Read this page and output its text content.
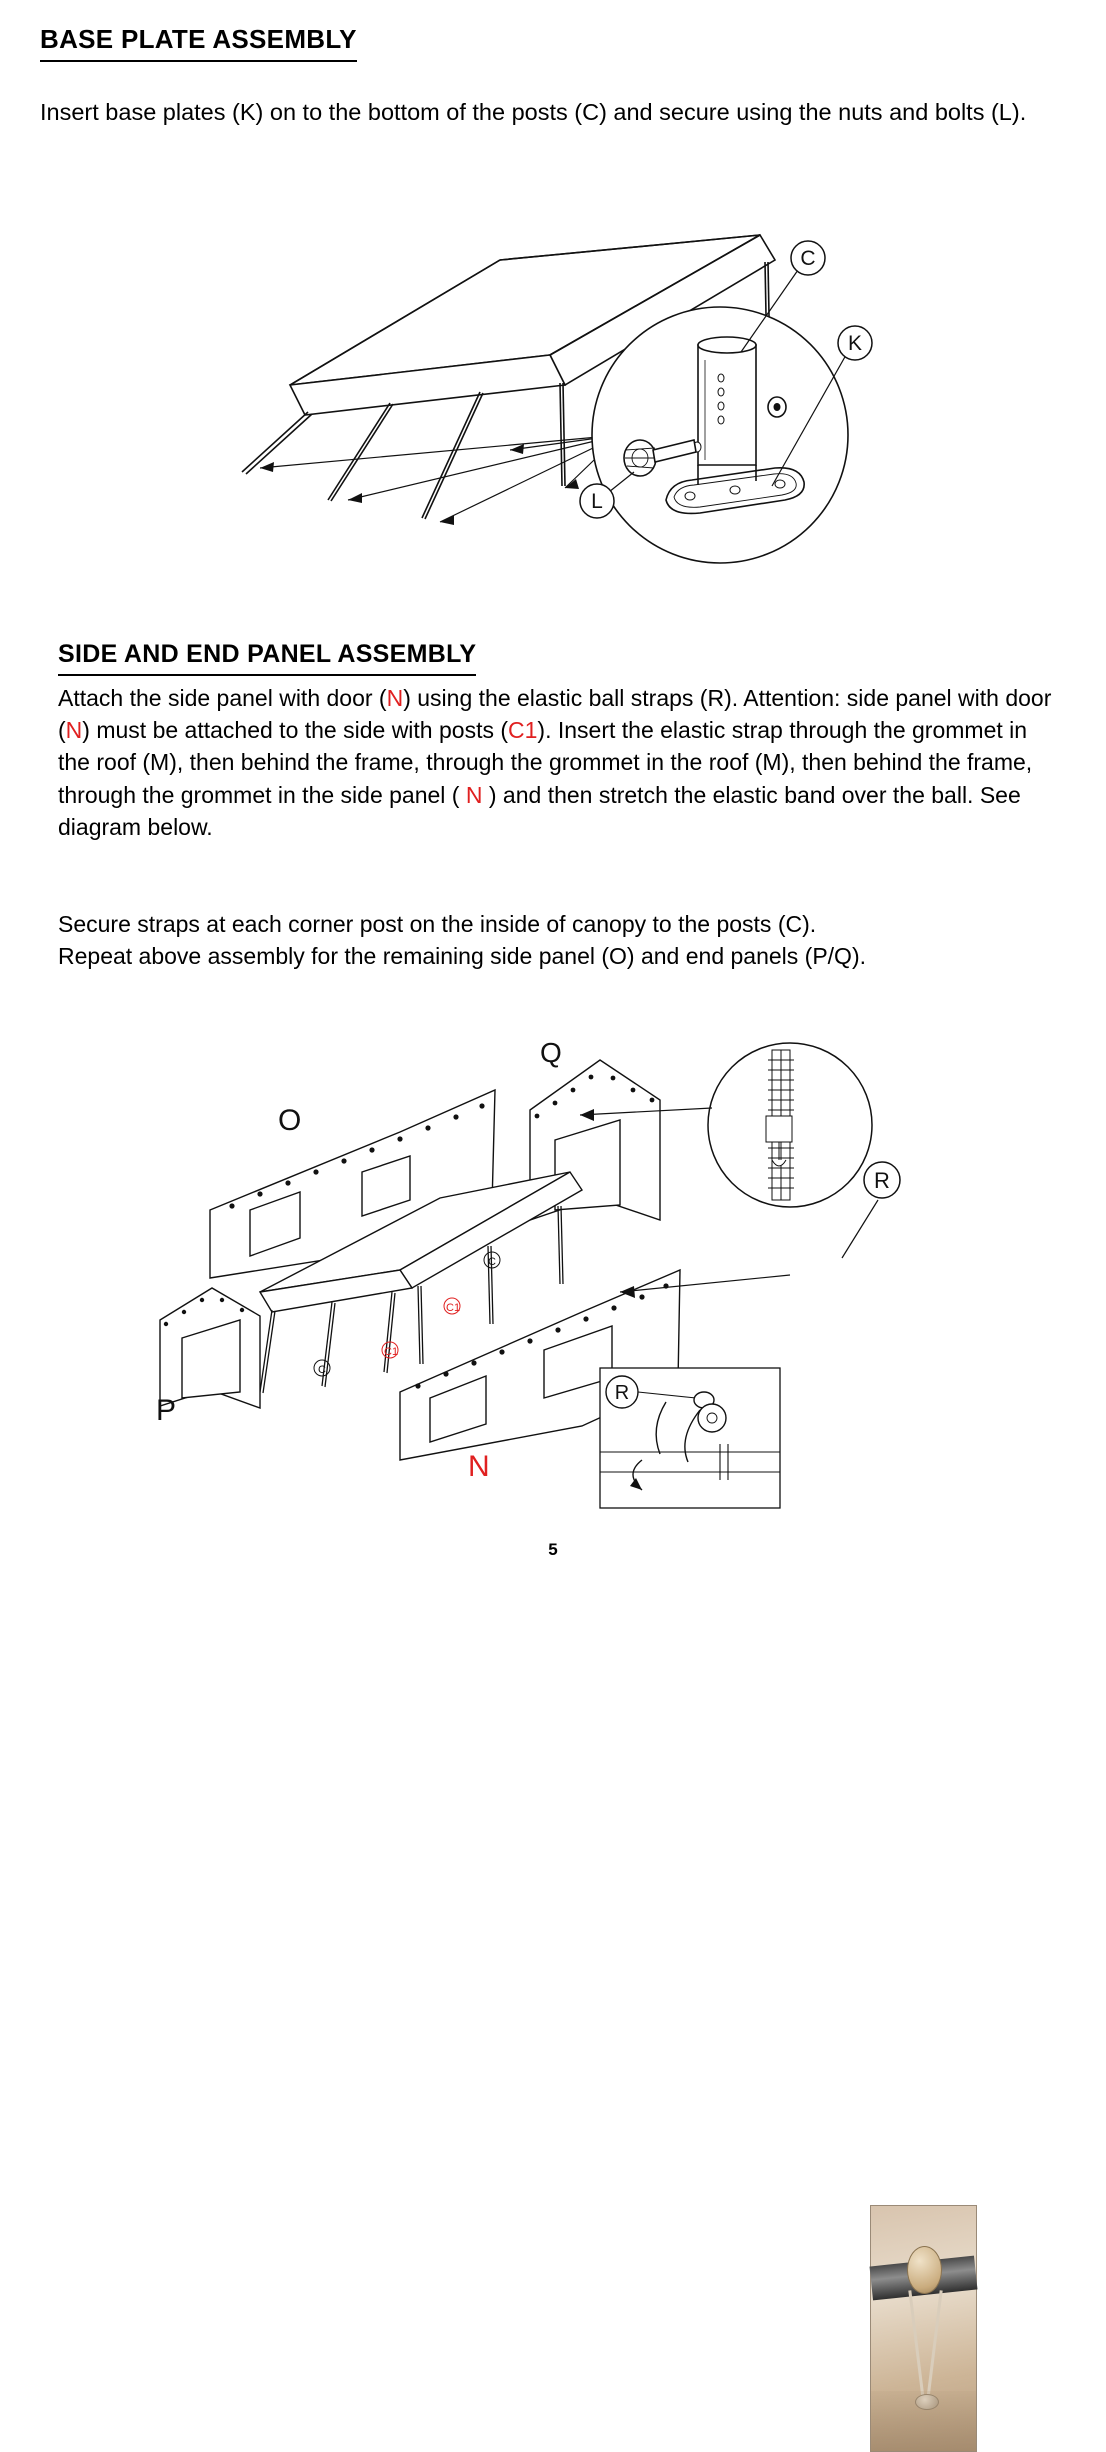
BASE PLATE ASSEMBLY
Insert base plates (K) on to the bottom of the posts (C) and secure using the nuts and bolts (L).
C
K
L
SIDE AND END PANEL ASSEMBLY
Attach the side panel with door (N) using the elastic ball straps (R). Attention: side panel with door (N) must be attached to the side with posts (C1). Insert the elastic strap through the grommet in the roof (M), then behind the frame, through the grommet in the roof (M), then behind the frame, through the grommet in the side panel ( N ) and then stretch the elastic band over the ball. See diagram below.
Secure straps at each corner post on the inside of canopy to the posts (C).
Repeat above assembly for the remaining side panel (O) and end panels (P/Q).
O
Q
C
C
C1
C1
P
N
R
R
5
